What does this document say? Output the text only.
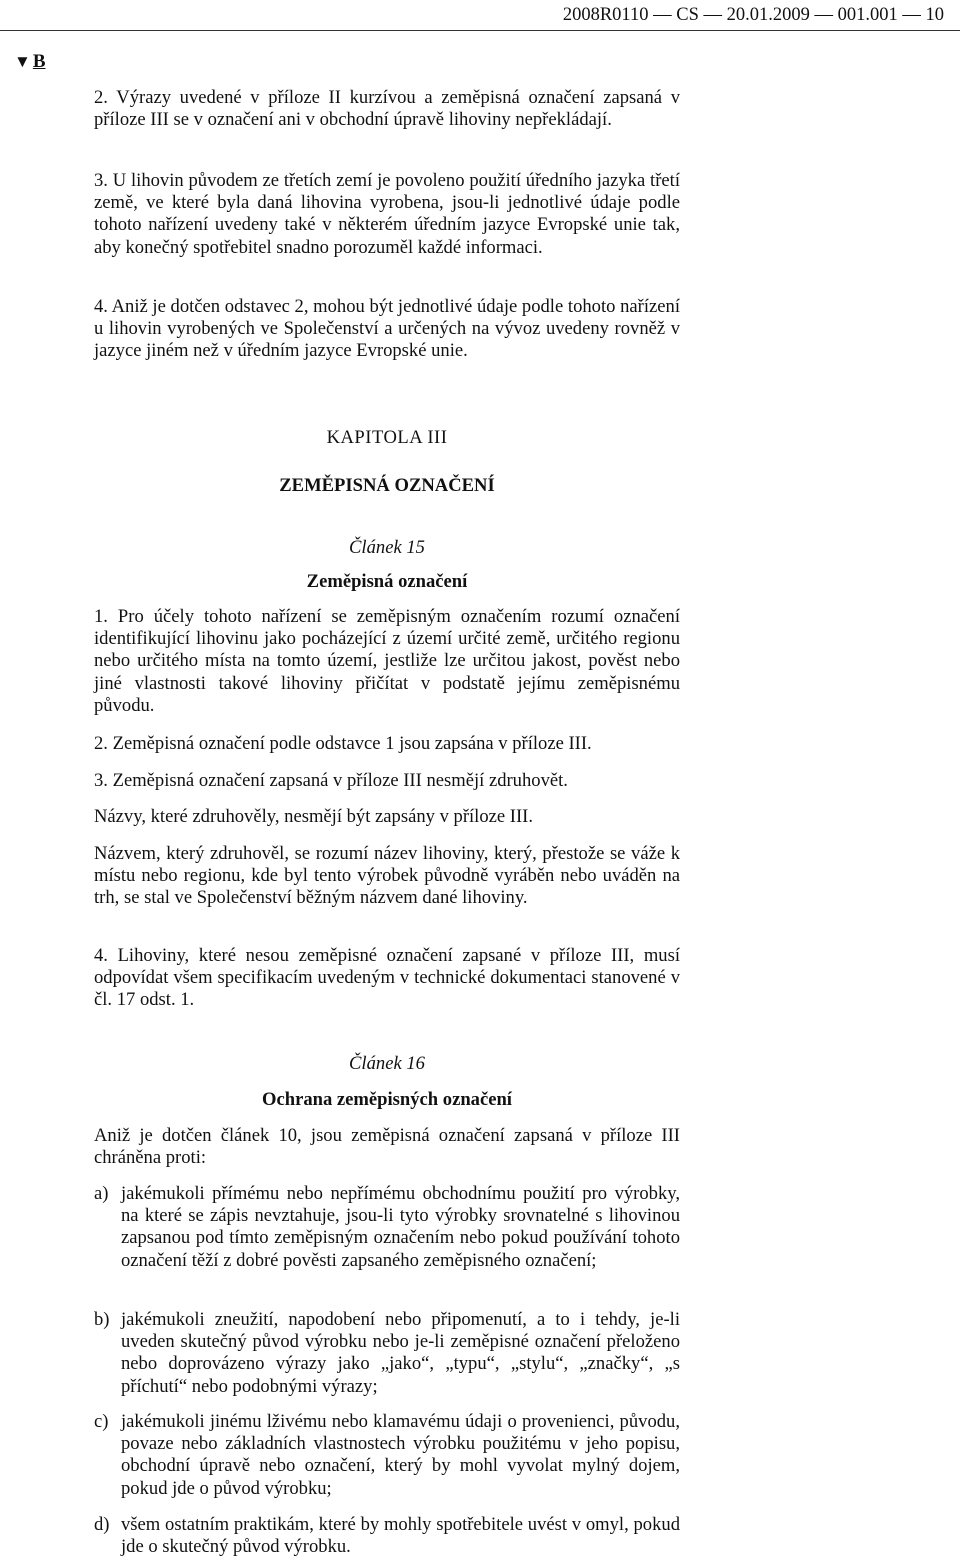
2008R0110 — CS — 20.01.2009 — 001.001 — 10
▼ B

2. Výrazy uvedené v příloze II kurzívou a zeměpisná označení zapsaná v příloze III se v označení ani v obchodní úpravě lihoviny nepřekládají.

3. U lihovin původem ze třetích zemí je povoleno použití úředního jazyka třetí země, ve které byla daná lihovina vyrobena, jsou-li jednotlivé údaje podle tohoto nařízení uvedeny také v některém úředním jazyce Evropské unie tak, aby konečný spotřebitel snadno porozuměl každé informaci.

4. Aniž je dotčen odstavec 2, mohou být jednotlivé údaje podle tohoto nařízení u lihovin vyrobených ve Společenství a určených na vývoz uvedeny rovněž v jazyce jiném než v úředním jazyce Evropské unie.

KAPITOLA III
ZEMĚPISNÁ OZNAČENÍ
Článek 15
Zeměpisná označení

1. Pro účely tohoto nařízení se zeměpisným označením rozumí označení identifikující lihovinu jako pocházející z území určité země, určitého regionu nebo určitého místa na tomto území, jestliže lze určitou jakost, pověst nebo jiné vlastnosti takové lihoviny přičítat v podstatě jejímu zeměpisnému původu.

2. Zeměpisná označení podle odstavce 1 jsou zapsána v příloze III.

3. Zeměpisná označení zapsaná v příloze III nesmějí zdruhovět.

Názvy, které zdruhověly, nesmějí být zapsány v příloze III.

Názvem, který zdruhověl, se rozumí název lihoviny, který, přestože se váže k místu nebo regionu, kde byl tento výrobek původně vyráběn nebo uváděn na trh, se stal ve Společenství běžným názvem dané lihoviny.

4. Lihoviny, které nesou zeměpisné označení zapsané v příloze III, musí odpovídat všem specifikacím uvedeným v technické dokumentaci stanovené v čl. 17 odst. 1.

Článek 16
Ochrana zeměpisných označení

Aniž je dotčen článek 10, jsou zeměpisná označení zapsaná v příloze III chráněna proti:

a) jakémukoli přímému nebo nepřímému obchodnímu použití pro výrobky, na které se zápis nevztahuje, jsou-li tyto výrobky srovnatelné s lihovinou zapsanou pod tímto zeměpisným označením nebo pokud používání tohoto označení těží z dobré pověsti zapsaného zeměpisného označení;
b) jakémukoli zneužití, napodobení nebo připomenutí, a to i tehdy, je-li uveden skutečný původ výrobku nebo je-li zeměpisné označení přeloženo nebo doprovázeno výrazy jako „jako“, „typu“, „stylu“, „značky“, „s příchutí“ nebo podobnými výrazy;
c) jakémukoli jinému lživému nebo klamavému údaji o provenienci, původu, povaze nebo základních vlastnostech výrobku použitému v jeho popisu, obchodní úpravě nebo označení, který by mohl vyvolat mylný dojem, pokud jde o původ výrobku;
d) všem ostatním praktikám, které by mohly spotřebitele uvést v omyl, pokud jde o skutečný původ výrobku.
